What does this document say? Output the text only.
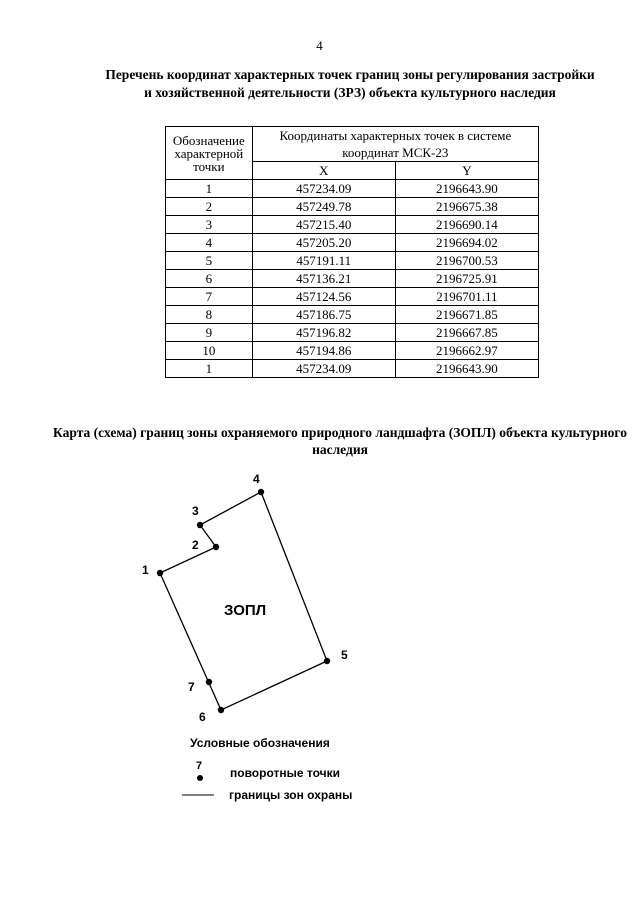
4
Перечень координат характерных точек границ зоны регулирования застройки и хозяйственной деятельности (ЗРЗ) объекта культурного наследия
Обозначение характерной точки	Координаты характерных точек в системе координат МСК-23	
	X	Y
1	457234.09	2196643.90
2	457249.78	2196675.38
3	457215.40	2196690.14
4	457205.20	2196694.02
5	457191.11	2196700.53
6	457136.21	2196725.91
7	457124.56	2196701.11
8	457186.75	2196671.85
9	457196.82	2196667.85
10	457194.86	2196662.97
1	457234.09	2196643.90
Карта (схема) границ зоны охраняемого природного ландшафта (ЗОПЛ) объекта культурного наследия
1
2
3
4
5
6
7
ЗОПЛ
Условные обозначения
7 поворотные точки
границы зон охраны
